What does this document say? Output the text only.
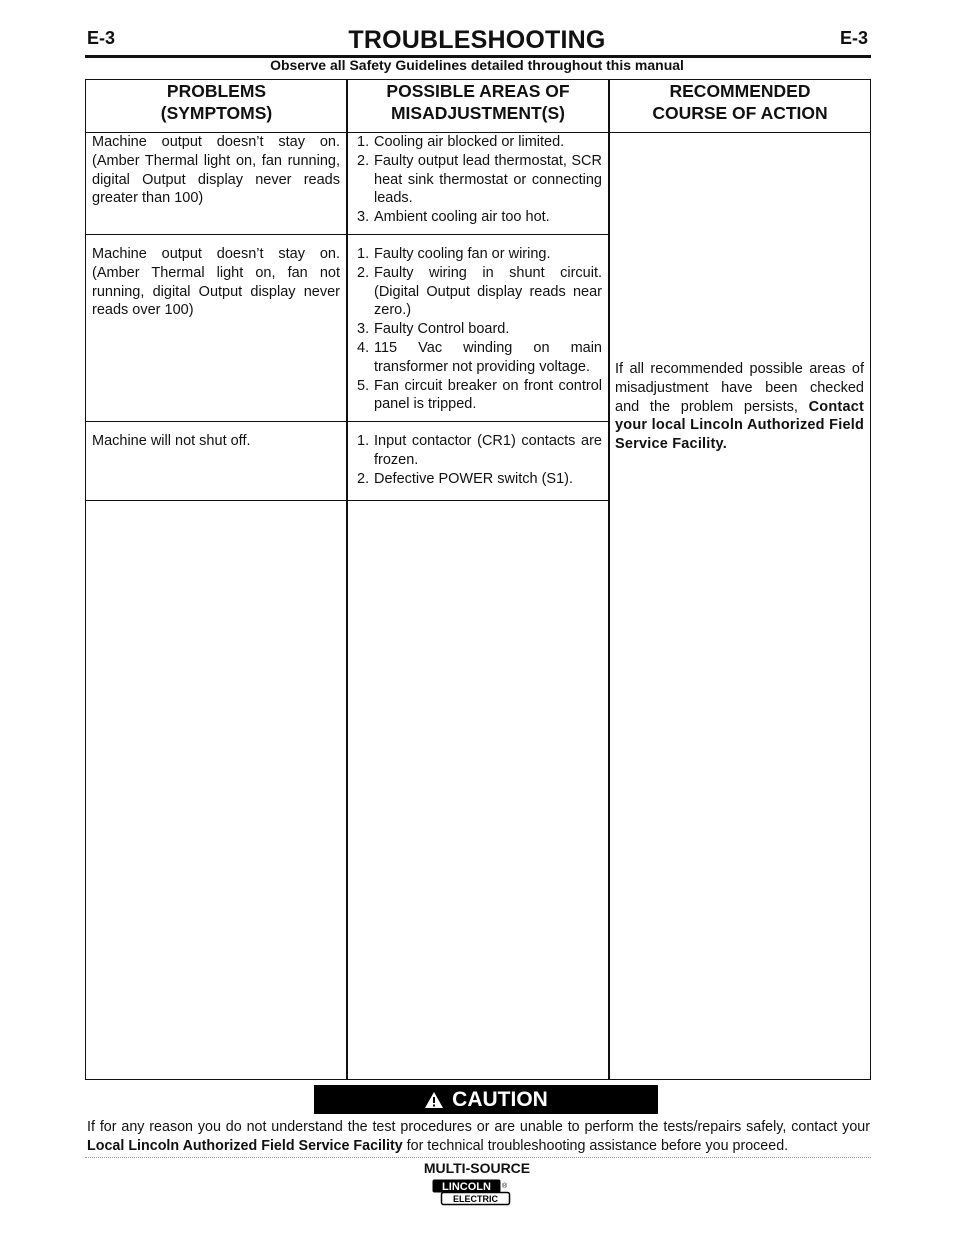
E-3	E-3
TROUBLESHOOTING
Observe all Safety Guidelines detailed throughout this manual
PROBLEMS
(SYMPTOMS)
POSSIBLE AREAS OF
MISADJUSTMENT(S)
RECOMMENDED
COURSE OF ACTION
Machine output doesn’t stay on. (Amber Thermal light on, fan running, digital Output display never reads greater than 100)
1. Cooling air blocked or limited.
2. Faulty output lead thermostat, SCR heat sink thermostat or connecting leads.
3. Ambient cooling air too hot.
Machine output doesn’t stay on. (Amber Thermal light on, fan not running, digital Output display never reads over 100)
1. Faulty cooling fan or wiring.
2. Faulty wiring in shunt circuit. (Digital Output display reads near zero.)
3. Faulty Control board.
4. 115 Vac winding on main transformer not providing voltage.
5. Fan circuit breaker on front control panel is tripped.
Machine will not shut off.	1. Input contactor (CR1) contacts are frozen.
2. Defective POWER switch (S1).
If all recommended possible areas of misadjustment have been checked and the problem persists, Contact your local Lincoln Authorized Field Service Facility.
CAUTION
If for any reason you do not understand the test procedures or are unable to perform the tests/repairs safely, contact your Local Lincoln Authorized Field Service Facility for technical troubleshooting assistance before you proceed.
MULTI-SOURCE
LINCOLN
ELECTRIC
®
